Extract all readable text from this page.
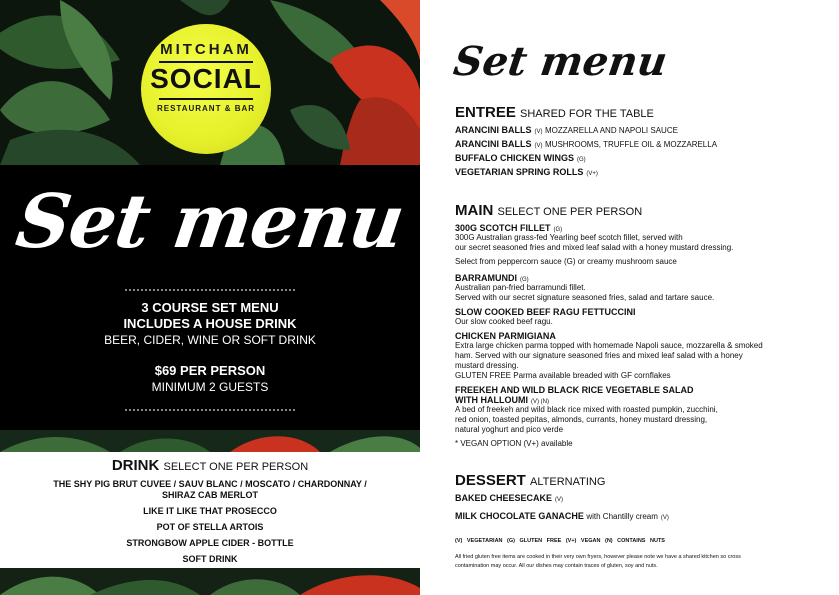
MITCHAM
SOCIAL
RESTAURANT & BAR
Set menu
3 COURSE SET MENU
INCLUDES A HOUSE DRINK
BEER, CIDER, WINE OR SOFT DRINK
$69 PER PERSON
MINIMUM 2 GUESTS
DRINK SELECT ONE PER PERSON
THE SHY PIG BRUT CUVEE / SAUV BLANC / MOSCATO / CHARDONNAY /
SHIRAZ CAB MERLOT
LIKE IT LIKE THAT PROSECCO
POT OF STELLA ARTOIS
STRONGBOW APPLE CIDER - BOTTLE
SOFT DRINK
Set menu
ENTREE SHARED FOR THE TABLE
ARANCINI BALLS (V) MOZZARELLA AND NAPOLI SAUCE
ARANCINI BALLS (V) MUSHROOMS, TRUFFLE OIL & MOZZARELLA
BUFFALO CHICKEN WINGS (G)
VEGETARIAN SPRING ROLLS (V+)
MAIN SELECT ONE PER PERSON
300G SCOTCH FILLET (G)
300G Australian grass-fed Yearling beef scotch fillet, served with
our secret seasoned fries and mixed leaf salad with a honey mustard dressing.
Select from peppercorn sauce (G) or creamy mushroom sauce
BARRAMUNDI (G)
Australian pan-fried barramundi fillet.
Served with our secret signature seasoned fries, salad and tartare sauce.
SLOW COOKED BEEF RAGU FETTUCCINI
Our slow cooked beef ragu.
CHICKEN PARMIGIANA
Extra large chicken parma topped with homemade Napoli sauce, mozzarella & smoked
ham. Served with our signature seasoned fries and mixed leaf salad with a honey
mustard dressing.
GLUTEN FREE Parma available breaded with GF cornflakes
FREEKEH AND WILD BLACK RICE VEGETABLE SALAD
WITH HALLOUMI (V) (N)
A bed of freekeh and wild black rice mixed with roasted pumpkin, zucchini,
red onion, toasted pepitas, almonds, currants, honey mustard dressing,
natural yoghurt and pico verde
* VEGAN OPTION (V+) available
DESSERT ALTERNATING
BAKED CHEESECAKE (V)
MILK CHOCOLATE GANACHE with Chantilly cream (V)
(V) VEGETARIAN (G) GLUTEN FREE (V+) VEGAN (N) CONTAINS NUTS
All fried gluten free items are cooked in their very own fryers, however please note we have a shared kitchen so cross
contamination may occur. All our dishes may contain traces of gluten, soy and nuts.
